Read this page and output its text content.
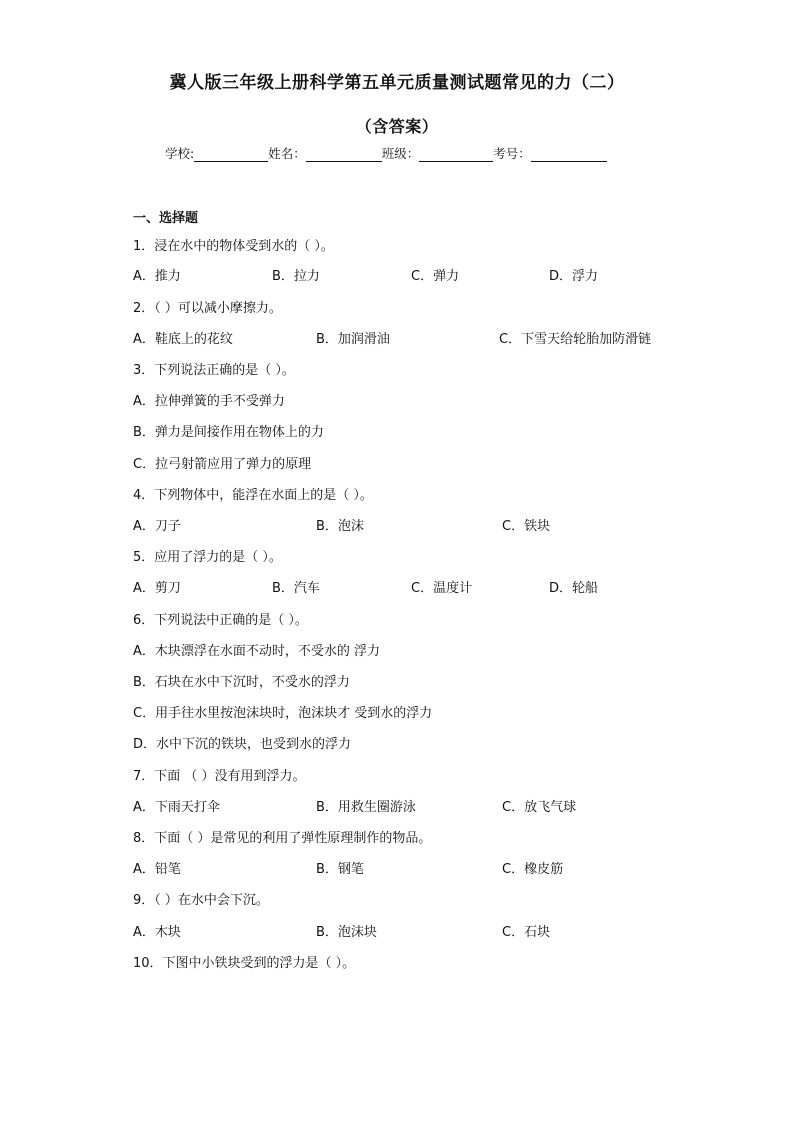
冀人版三年级上册科学第五单元质量测试题常见的力（二）
（含答案）
学校:	姓名：	班级：	考号：
一、选择题
1．浸在水中的物体受到水的（ ）。
A．推力	B．拉力	C．弹力	D．浮力
2．（ ）可以减小摩擦力。
A．鞋底上的花纹	B．加润滑油	C．下雪天给轮胎加防滑链
3．下列说法正确的是（ ）。
A．拉伸弹簧的手不受弹力
B．弹力是间接作用在物体上的力
C．拉弓射箭应用了弹力的原理
4．下列物体中，能浮在水面上的是（ ）。
A．刀子	B．泡沫	C．铁块
5．应用了浮力的是（ ）。
A．剪刀	B．汽车	C．温度计	D．轮船
6．下列说法中正确的是（ ）。
A．木块漂浮在水面不动时，不受水的 浮力
B．石块在水中下沉时，不受水的浮力
C．用手往水里按泡沫块时，泡沫块才 受到水的浮力
D．水中下沉的铁块，也受到水的浮力
7．下面 （ ）没有用到浮力。
A．下雨天打伞	B．用救生圈游泳	C．放飞气球
8．下面（ ）是常见的利用了弹性原理制作的物品。
A．铅笔	B．钢笔	C．橡皮筋
9．（ ）在水中会下沉。
A．木块	B．泡沫块	C．石块
10．下图中小铁块受到的浮力是（ ）。
